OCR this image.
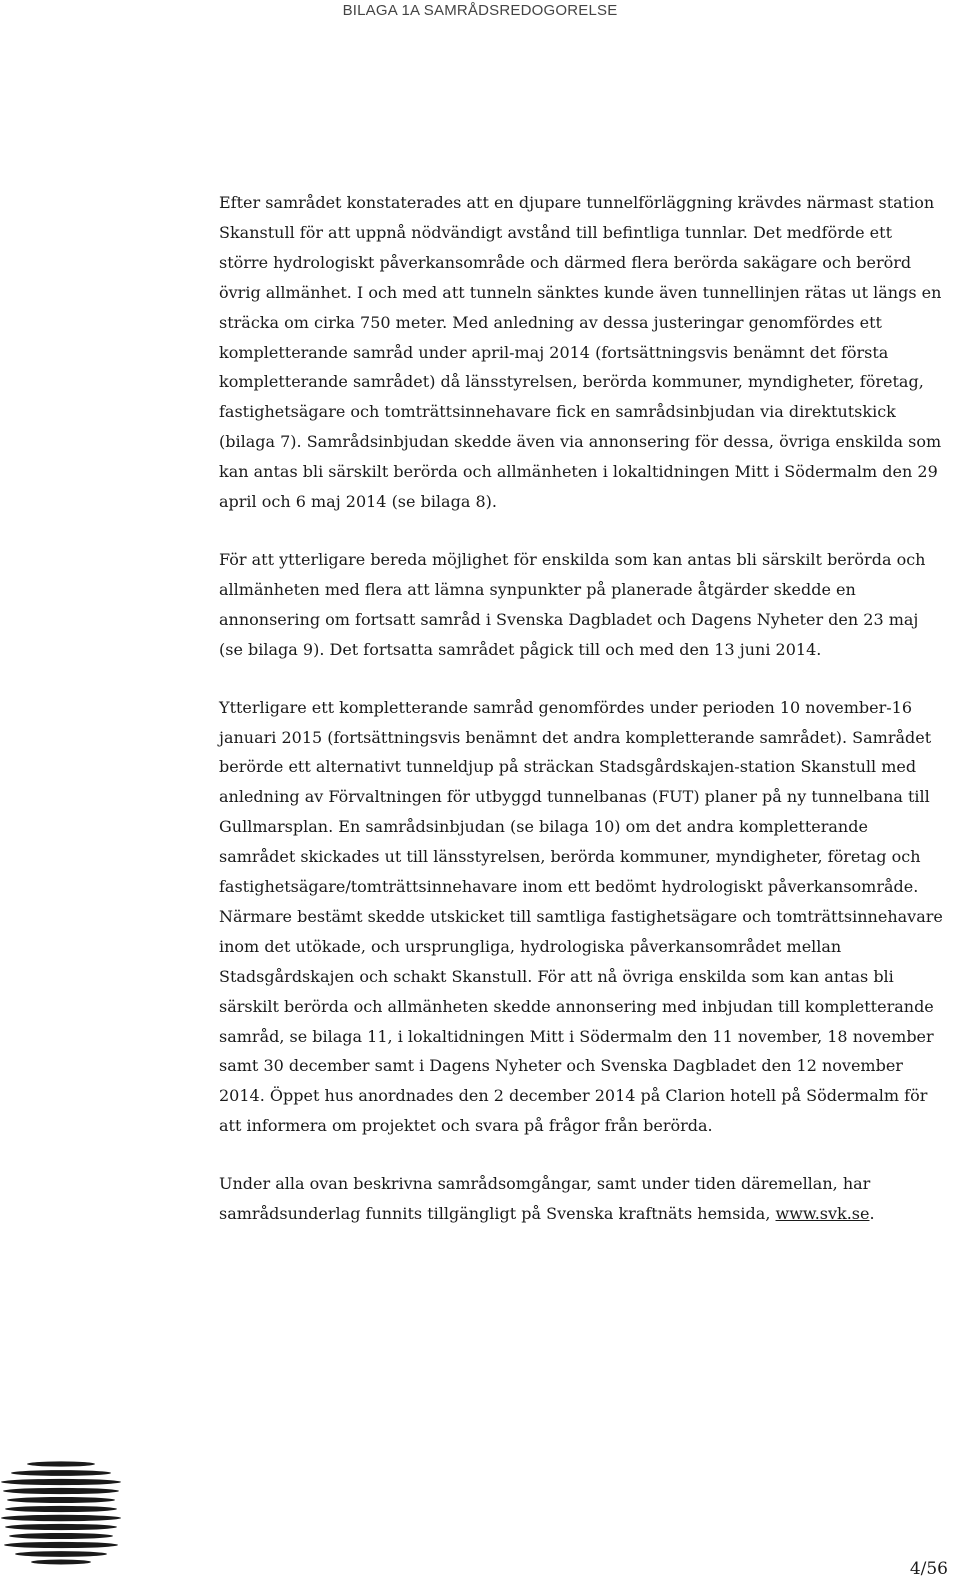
BILAGA 1A SAMRÅDSREDOGORELSE

Efter samrådet konstaterades att en djupare tunnelförläggning krävdes närmast station Skanstull för att uppnå nödvändigt avstånd till befintliga tunnlar. Det medförde ett större hydrologiskt påverkansområde och därmed flera berörda sakägare och berörd övrig allmänhet. I och med att tunneln sänktes kunde även tunnellinjen rätas ut längs en sträcka om cirka 750 meter. Med anledning av dessa justeringar genomfördes ett kompletterande samråd under april-maj 2014 (fortsättningsvis benämnt det första kompletterande samrådet) då länsstyrelsen, berörda kommuner, myndigheter, företag, fastighetsägare och tomträttsinnehavare fick en samrådsinbjudan via direktutskick (bilaga 7). Samrådsinbjudan skedde även via annonsering för dessa, övriga enskilda som kan antas bli särskilt berörda och allmänheten i lokaltidningen Mitt i Södermalm den 29 april och 6 maj 2014 (se bilaga 8).

För att ytterligare bereda möjlighet för enskilda som kan antas bli särskilt berörda och allmänheten med flera att lämna synpunkter på planerade åtgärder skedde en annonsering om fortsatt samråd i Svenska Dagbladet och Dagens Nyheter den 23 maj (se bilaga 9). Det fortsatta samrådet pågick till och med den 13 juni 2014.

Ytterligare ett kompletterande samråd genomfördes under perioden 10 november-16 januari 2015 (fortsättningsvis benämnt det andra kompletterande samrådet). Samrådet berörde ett alternativt tunneldjup på sträckan Stadsgårdskajen-station Skanstull med anledning av Förvaltningen för utbyggd tunnelbanas (FUT) planer på ny tunnelbana till Gullmarsplan. En samrådsinbjudan (se bilaga 10) om det andra kompletterande samrådet skickades ut till länsstyrelsen, berörda kommuner, myndigheter, företag och fastighetsägare/tomträttsinnehavare inom ett bedömt hydrologiskt påverkansområde. Närmare bestämt skedde utskicket till samtliga fastighetsägare och tomträttsinnehavare inom det utökade, och ursprungliga, hydrologiska påverkansområdet mellan Stadsgårdskajen och schakt Skanstull. För att nå övriga enskilda som kan antas bli särskilt berörda och allmänheten skedde annonsering med inbjudan till kompletterande samråd, se bilaga 11, i lokaltidningen Mitt i Södermalm den 11 november, 18 november samt 30 december samt i Dagens Nyheter och Svenska Dagbladet den 12 november 2014. Öppet hus anordnades den 2 december 2014 på Clarion hotell på Södermalm för att informera om projektet och svara på frågor från berörda.

Under alla ovan beskrivna samrådsomgångar, samt under tiden däremellan, har samrådsunderlag funnits tillgängligt på Svenska kraftnäts hemsida, www.svk.se.

4/56
